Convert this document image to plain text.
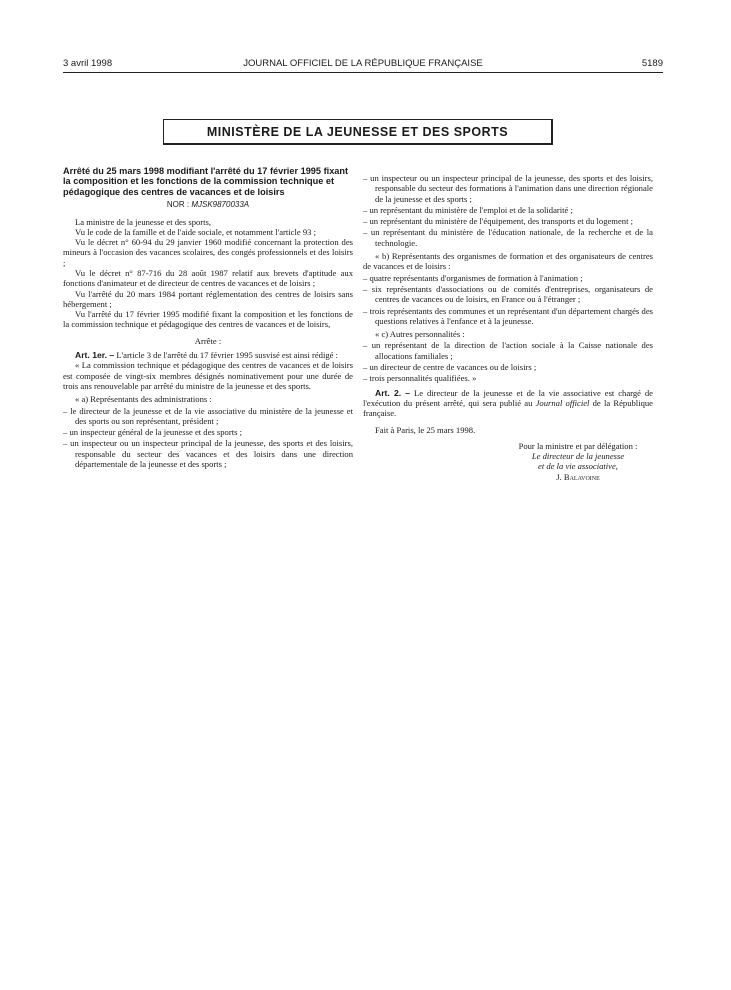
3 avril 1998	JOURNAL OFFICIEL DE LA RÉPUBLIQUE FRANÇAISE	5189
MINISTÈRE DE LA JEUNESSE ET DES SPORTS

Arrêté du 25 mars 1998 modifiant l'arrêté du 17 février 1995 fixant la composition et les fonctions de la commission technique et pédagogique des centres de vacances et de loisirs

NOR : MJSK9870033A

La ministre de la jeunesse et des sports,

Vu le code de la famille et de l'aide sociale, et notamment l'article 93 ;

Vu le décret n° 60-94 du 29 janvier 1960 modifié concernant la protection des mineurs à l'occasion des vacances scolaires, des congés professionnels et des loisirs ;

Vu le décret n° 87-716 du 28 août 1987 relatif aux brevets d'aptitude aux fonctions d'animateur et de directeur de centres de vacances et de loisirs ;

Vu l'arrêté du 20 mars 1984 portant réglementation des centres de loisirs sans hébergement ;

Vu l'arrêté du 17 février 1995 modifié fixant la composition et les fonctions de la commission technique et pédagogique des centres de vacances et de loisirs,

Arrête :

Art. 1er. – L'article 3 de l'arrêté du 17 février 1995 susvisé est ainsi rédigé :

« La commission technique et pédagogique des centres de vacances et de loisirs est composée de vingt-six membres désignés nominativement pour une durée de trois ans renouvelable par arrêté du ministre de la jeunesse et des sports.

« a) Représentants des administrations :

– le directeur de la jeunesse et de la vie associative du ministère de la jeunesse et des sports ou son représentant, président ;

– un inspecteur général de la jeunesse et des sports ;

– un inspecteur ou un inspecteur principal de la jeunesse, des sports et des loisirs, responsable du secteur des vacances et des loisirs dans une direction départementale de la jeunesse et des sports ;

– un inspecteur ou un inspecteur principal de la jeunesse, des sports et des loisirs, responsable du secteur des formations à l'animation dans une direction régionale de la jeunesse et des sports ;

– un représentant du ministère de l'emploi et de la solidarité ;

– un représentant du ministère de l'équipement, des transports et du logement ;

– un représentant du ministère de l'éducation nationale, de la recherche et de la technologie.

« b) Représentants des organismes de formation et des organisateurs de centres de vacances et de loisirs :

– quatre représentants d'organismes de formation à l'animation ;

– six représentants d'associations ou de comités d'entreprises, organisateurs de centres de vacances ou de loisirs, en France ou à l'étranger ;

– trois représentants des communes et un représentant d'un département chargés des questions relatives à l'enfance et à la jeunesse.

« c) Autres personnalités :

– un représentant de la direction de l'action sociale à la Caisse nationale des allocations familiales ;

– un directeur de centre de vacances ou de loisirs ;

– trois personnalités qualifiées. »

Art. 2. – Le directeur de la jeunesse et de la vie associative est chargé de l'exécution du présent arrêté, qui sera publié au Journal officiel de la République française.

Fait à Paris, le 25 mars 1998.

Pour la ministre et par délégation :
Le directeur de la jeunesse
et de la vie associative,
J. Balavoine
